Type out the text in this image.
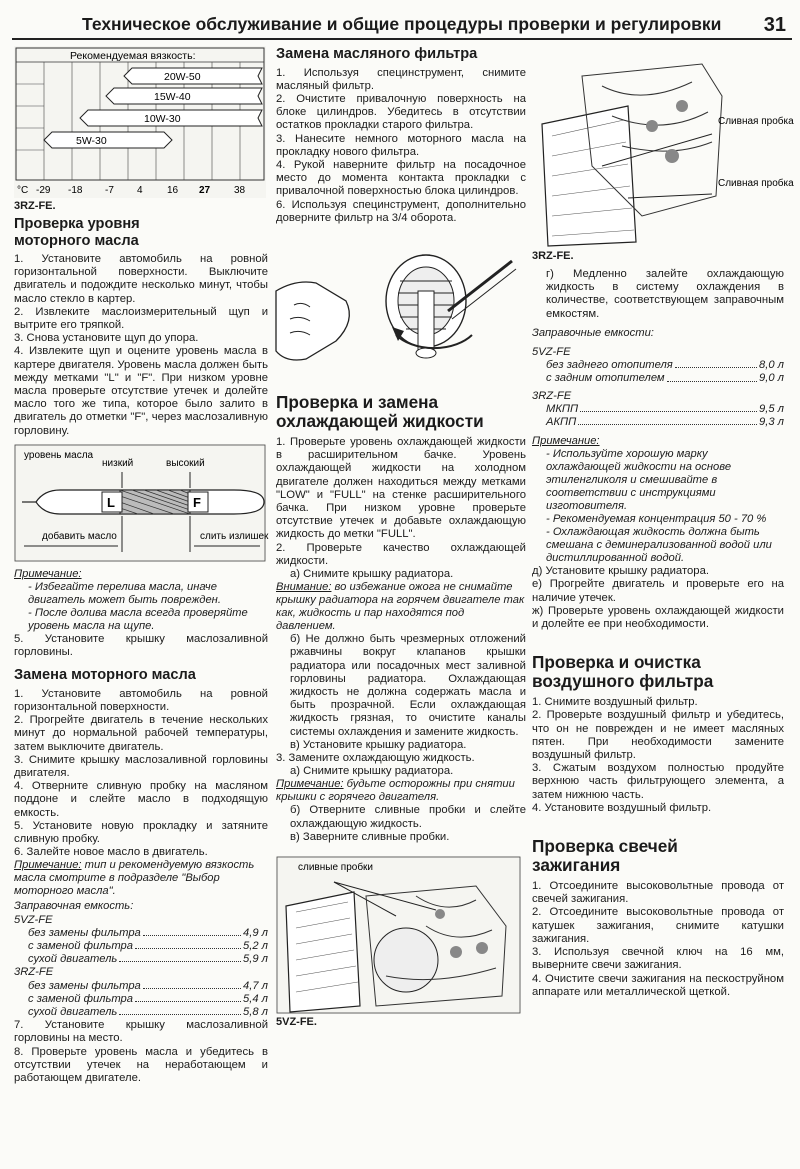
Техническое обслуживание и общие процедуры проверки и регулировки 31
Рекомендуемая вязкость:
20W-50
15W-40
10W-30
5W-30
°C -29 -18 -7 4 16 27 38
3RZ-FE.
Проверка уровня моторного масла

1. Установите автомобиль на ровной горизонтальной поверхности. Выключите двигатель и подождите несколько минут, чтобы масло стекло в картер.

2. Извлеките маслоизмерительный щуп и вытрите его тряпкой.

3. Снова установите щуп до упора.

4. Извлеките щуп и оцените уровень масла в картере двигателя. Уровень масла должен быть между метками "L" и "F". При низком уровне масла проверьте отсутствие утечек и долейте масло того же типа, которое было залито в двигатель до отметки "F", через маслозаливную горловину.

уровень масла
низкий	высокий
L	F
добавить масло	слить излишек
Примечание:
- Избегайте перелива масла, иначе двигатель может быть поврежден.
- После долива масла всегда проверяйте уровень масла на щупе.

5. Установите крышку маслозаливной горловины.

Замена моторного масла

1. Установите автомобиль на ровной горизонтальной поверхности.

2. Прогрейте двигатель в течение нескольких минут до нормальной рабочей температуры, затем выключите двигатель.

3. Снимите крышку маслозаливной горловины двигателя.

4. Отверните сливную пробку на масляном поддоне и слейте масло в подходящую емкость.

5. Установите новую прокладку и затяните сливную пробку.

6. Залейте новое масло в двигатель.

Примечание: тип и рекомендуемую вязкость масла смотрите в подразделе "Выбор моторного масла".
Заправочная емкость:
5VZ-FE
без замены фильтра	4,9 л
с заменой фильтра	5,2 л
сухой двигатель	5,9 л
3RZ-FE
без замены фильтра	4,7 л
с заменой фильтра	5,4 л
сухой двигатель	5,8 л

7. Установите крышку маслозаливной горловины на место.

8. Проверьте уровень масла и убедитесь в отсутствии утечек на неработающем и работающем двигателе.

Замена масляного фильтра

1. Используя специнструмент, снимите масляный фильтр.

2. Очистите привалочную поверхность на блоке цилиндров. Убедитесь в отсутствии остатков прокладки старого фильтра.

3. Нанесите немного моторного масла на прокладку нового фильтра.

4. Рукой наверните фильтр на посадочное место до момента контакта прокладки с привалочной поверхностью блока цилиндров.

6. Используя специнструмент, дополнительно доверните фильтр на 3/4 оборота.

Проверка и замена охлаждающей жидкости

1. Проверьте уровень охлаждающей жидкости в расширительном бачке. Уровень охлаждающей жидкости на холодном двигателе должен находиться между метками "LOW" и "FULL" на стенке расширительного бачка. При низком уровне проверьте отсутствие утечек и добавьте охлаждающую жидкость до метки "FULL".

2. Проверьте качество охлаждающей жидкости.

а) Снимите крышку радиатора.

Внимание: во избежание ожога не снимайте крышку радиатора на горячем двигателе так как, жидкость и пар находятся под давлением.

б) Не должно быть чрезмерных отложений ржавчины вокруг клапанов крышки радиатора или посадочных мест заливной горловины радиатора. Охлаждающая жидкость не должна содержать масла и быть прозрачной. Если охлаждающая жидкость грязная, то очистите каналы системы охлаждения и замените жидкость.

в) Установите крышку радиатора.

3. Замените охлаждающую жидкость.

а) Снимите крышку радиатора.

Примечание: будьте осторожны при снятии крышки с горячего двигателя.

б) Отверните сливные пробки и слейте охлаждающую жидкость.

в) Заверните сливные пробки.

сливные пробки
5VZ-FE.
Сливная пробка
Сливная пробка
3RZ-FE.

г) Медленно залейте охлаждающую жидкость в систему охлаждения в количестве, соответствующем заправочным емкостям.

Заправочные емкости:
5VZ-FE
без заднего отопителя	8,0 л
с задним отопителем	9,0 л
3RZ-FE
МКПП	9,5 л
АКПП	9,3 л
Примечание:
- Используйте хорошую марку охлаждающей жидкости на основе этиленгликоля и смешивайте в соответствии с инструкциями изготовителя.
- Рекомендуемая концентрация 50 - 70 %
- Охлаждающая жидкость должна быть смешана с деминерализованной водой или дистиллированной водой.

д) Установите крышку радиатора.

е) Прогрейте двигатель и проверьте его на наличие утечек.

ж) Проверьте уровень охлаждающей жидкости и долейте ее при необходимости.

Проверка и очистка воздушного фильтра

1. Снимите воздушный фильтр.

2. Проверьте воздушный фильтр и убедитесь, что он не поврежден и не имеет масляных пятен. При необходимости замените воздушный фильтр.

3. Сжатым воздухом полностью продуйте верхнюю часть фильтрующего элемента, а затем нижнюю часть.

4. Установите воздушный фильтр.

Проверка свечей зажигания

1. Отсоедините высоковольтные провода от свечей зажигания.

2. Отсоедините высоковольтные провода от катушек зажигания, снимите катушки зажигания.

3. Используя свечной ключ на 16 мм, выверните свечи зажигания.

4. Очистите свечи зажигания на пескоструйном аппарате или металлической щеткой.
